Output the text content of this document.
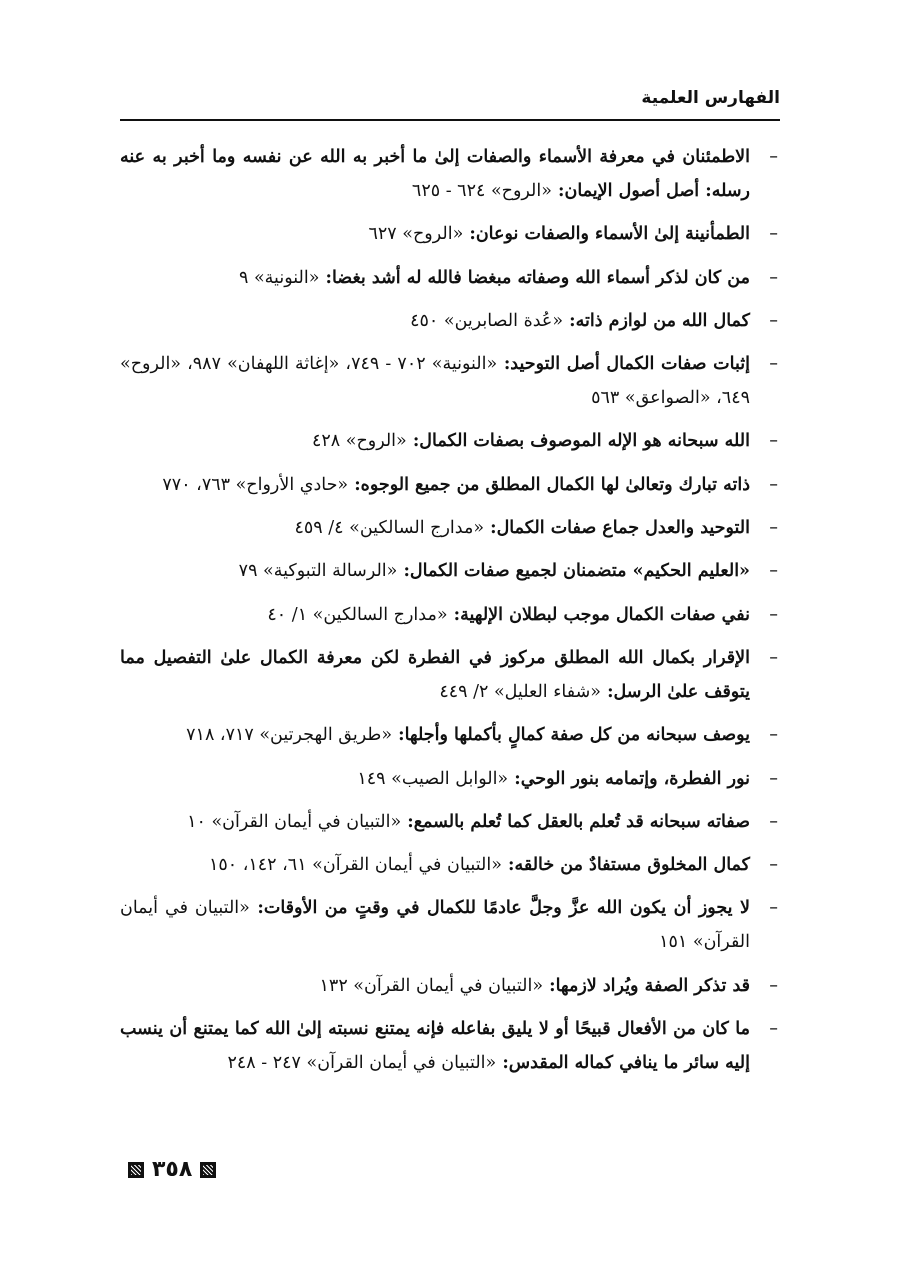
الفهارس العلمية
–
الاطمئنان في معرفة الأسماء والصفات إلىٰ ما أخبر به الله عن نفسه وما أخبر به عنه رسله: أصل أصول الإيمان: «الروح» ٦٢٤ - ٦٢٥
–
الطمأنينة إلىٰ الأسماء والصفات نوعان: «الروح» ٦٢٧
–
من كان لذكر أسماء الله وصفاته مبغضا فالله له أشد بغضا: «النونية» ٩
–
كمال الله من لوازم ذاته: «عُدة الصابرين» ٤٥٠
–
إثبات صفات الكمال أصل التوحيد: «النونية» ٧٠٢ - ٧٤٩، «إغاثة اللهفان» ٩٨٧، «الروح» ٦٤٩، «الصواعق» ٥٦٣
–
الله سبحانه هو الإله الموصوف بصفات الكمال: «الروح» ٤٢٨
–
ذاته تبارك وتعالىٰ لها الكمال المطلق من جميع الوجوه: «حادي الأرواح» ٧٦٣، ٧٧٠
–
التوحيد والعدل جماع صفات الكمال: «مدارج السالكين» ٤/ ٤٥٩
–
«العليم الحكيم» متضمنان لجميع صفات الكمال: «الرسالة التبوكية» ٧٩
–
نفي صفات الكمال موجب لبطلان الإلهية: «مدارج السالكين» ١/ ٤٠
–
الإقرار بكمال الله المطلق مركوز في الفطرة لكن معرفة الكمال علىٰ التفصيل مما يتوقف علىٰ الرسل: «شفاء العليل» ٢/ ٤٤٩
–
يوصف سبحانه من كل صفة كمالٍ بأكملها وأجلها: «طريق الهجرتين» ٧١٧، ٧١٨
–
نور الفطرة، وإتمامه بنور الوحي: «الوابل الصيب» ١٤٩
–
صفاته سبحانه قد تُعلم بالعقل كما تُعلم بالسمع: «التبيان في أيمان القرآن» ١٠
–
كمال المخلوق مستفادٌ من خالقه: «التبيان في أيمان القرآن» ٦١، ١٤٢، ١٥٠
–
لا يجوز أن يكون الله عزَّ وجلَّ عادمًا للكمال في وقتٍ من الأوقات: «التبيان في أيمان القرآن» ١٥١
–
قد تذكر الصفة ويُراد لازمها: «التبيان في أيمان القرآن» ١٣٢
–
ما كان من الأفعال قبيحًا أو لا يليق بفاعله فإنه يمتنع نسبته إلىٰ الله كما يمتنع أن ينسب إليه سائر ما ينافي كماله المقدس: «التبيان في أيمان القرآن» ٢٤٧ - ٢٤٨
٣٥٨
